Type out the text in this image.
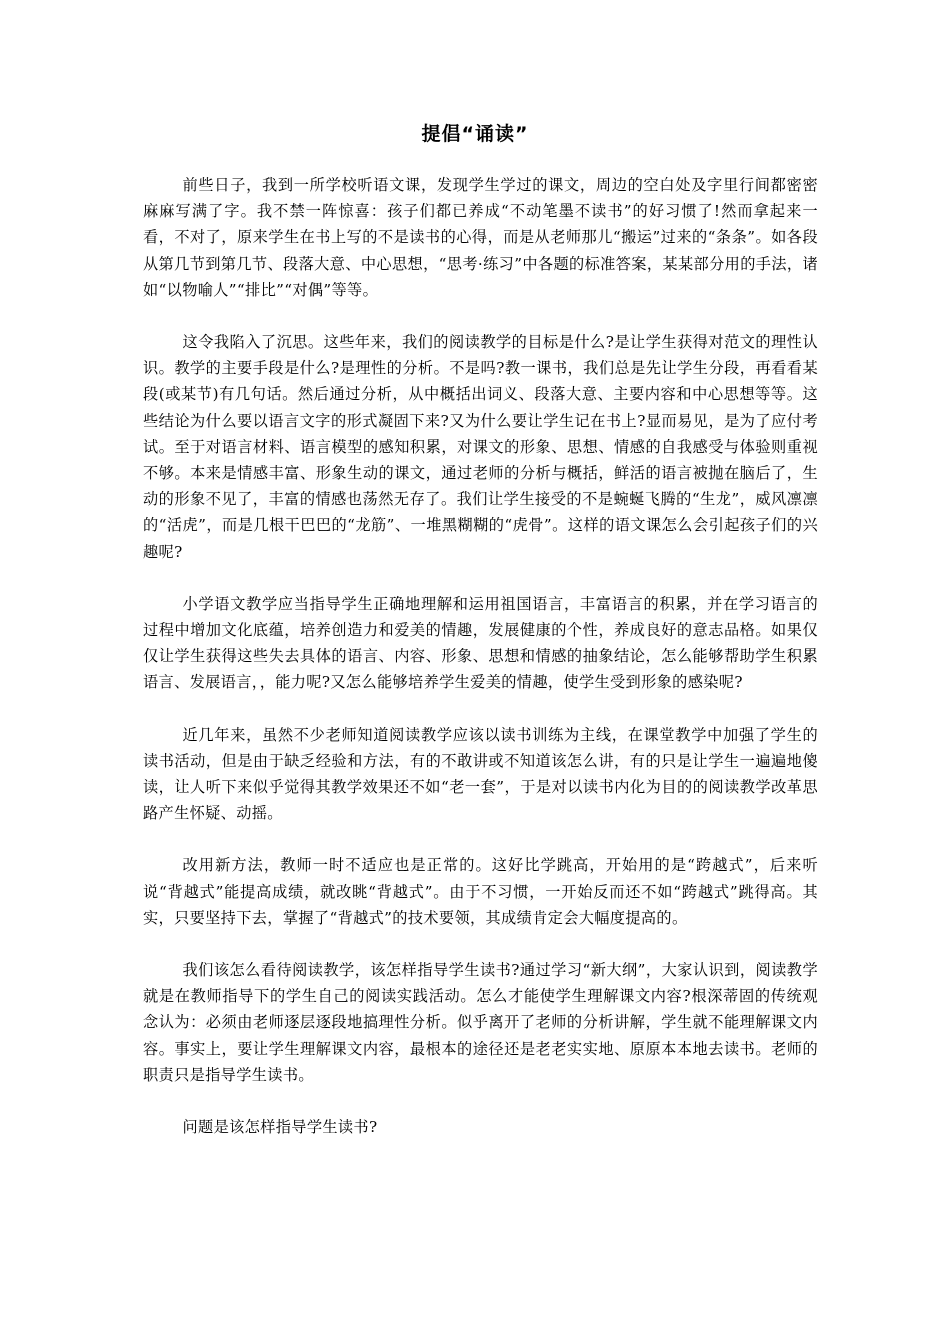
提倡“诵读”

前些日子，我到一所学校听语文课，发现学生学过的课文，周边的空白处及字里行间都密密麻麻写满了字。我不禁一阵惊喜：孩子们都已养成“不动笔墨不读书”的好习惯了!然而拿起来一看，不对了，原来学生在书上写的不是读书的心得，而是从老师那儿“搬运”过来的“条条”。如各段从第几节到第几节、段落大意、中心思想，“思考·练习”中各题的标准答案，某某部分用的手法，诸如“以物喻人”“排比”“对偶”等等。

这令我陷入了沉思。这些年来，我们的阅读教学的目标是什么?是让学生获得对范文的理性认识。教学的主要手段是什么?是理性的分析。不是吗?教一课书，我们总是先让学生分段，再看看某段(或某节)有几句话。然后通过分析，从中概括出词义、段落大意、主要内容和中心思想等等。这些结论为什么要以语言文字的形式凝固下来?又为什么要让学生记在书上?显而易见，是为了应付考试。至于对语言材料、语言模型的感知积累，对课文的形象、思想、情感的自我感受与体验则重视不够。本来是情感丰富、形象生动的课文，通过老师的分析与概括，鲜活的语言被抛在脑后了，生动的形象不见了，丰富的情感也荡然无存了。我们让学生接受的不是蜿蜒飞腾的“生龙”，威风凛凛的“活虎”，而是几根干巴巴的“龙筋”、一堆黑糊糊的“虎骨”。这样的语文课怎么会引起孩子们的兴趣呢?

小学语文教学应当指导学生正确地理解和运用祖国语言，丰富语言的积累，并在学习语言的过程中增加文化底蕴，培养创造力和爱美的情趣，发展健康的个性，养成良好的意志品格。如果仅仅让学生获得这些失去具体的语言、内容、形象、思想和情感的抽象结论，怎么能够帮助学生积累语言、发展语言，，能力呢?又怎么能够培养学生爱美的情趣，使学生受到形象的感染呢?

近几年来，虽然不少老师知道阅读教学应该以读书训练为主线，在课堂教学中加强了学生的读书活动，但是由于缺乏经验和方法，有的不敢讲或不知道该怎么讲，有的只是让学生一遍遍地傻读，让人听下来似乎觉得其教学效果还不如“老一套”，于是对以读书内化为目的的阅读教学改革思路产生怀疑、动摇。

改用新方法，教师一时不适应也是正常的。这好比学跳高，开始用的是“跨越式”，后来听说“背越式”能提高成绩，就改眺“背越式”。由于不习惯，一开始反而还不如“跨越式”跳得高。其实，只要坚持下去，掌握了“背越式”的技术要领，其成绩肯定会大幅度提高的。

我们该怎么看待阅读教学，该怎样指导学生读书?通过学习“新大纲”，大家认识到，阅读教学就是在教师指导下的学生自己的阅读实践活动。怎么才能使学生理解课文内容?根深蒂固的传统观念认为：必须由老师逐层逐段地搞理性分析。似乎离开了老师的分析讲解，学生就不能理解课文内容。事实上，要让学生理解课文内容，最根本的途径还是老老实实地、原原本本地去读书。老师的职责只是指导学生读书。

问题是该怎样指导学生读书?
